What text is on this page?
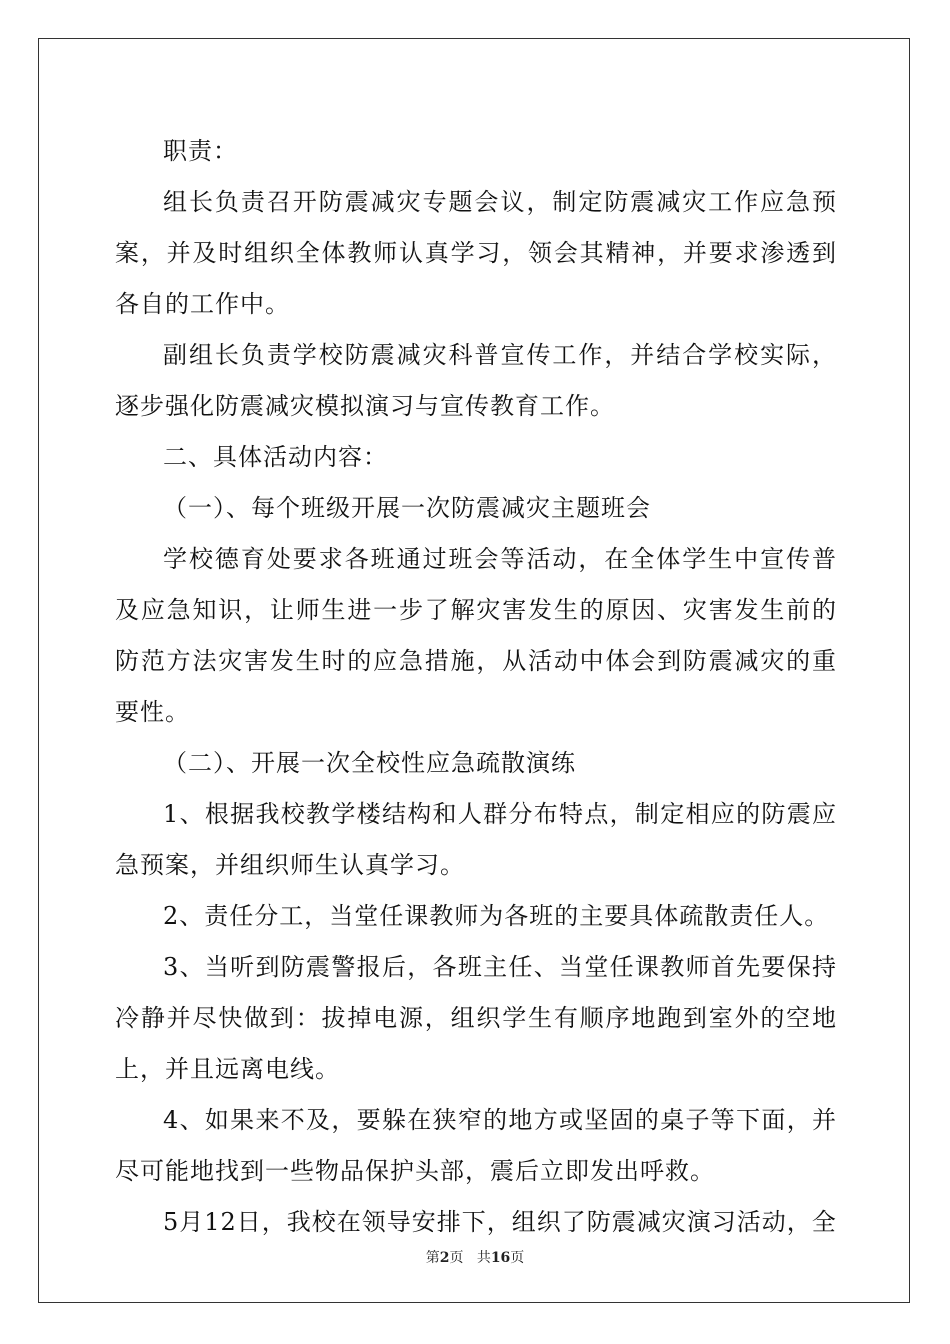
职责：

组长负责召开防震减灾专题会议，制定防震减灾工作应急预案，并及时组织全体教师认真学习，领会其精神，并要求渗透到各自的工作中。

副组长负责学校防震减灾科普宣传工作，并结合学校实际，逐步强化防震减灾模拟演习与宣传教育工作。

二、具体活动内容：

（一）、每个班级开展一次防震减灾主题班会

学校德育处要求各班通过班会等活动，在全体学生中宣传普及应急知识，让师生进一步了解灾害发生的原因、灾害发生前的防范方法灾害发生时的应急措施，从活动中体会到防震减灾的重要性。

（二）、开展一次全校性应急疏散演练

1、根据我校教学楼结构和人群分布特点，制定相应的防震应急预案，并组织师生认真学习。

2、责任分工，当堂任课教师为各班的主要具体疏散责任人。

3、当听到防震警报后，各班主任、当堂任课教师首先要保持冷静并尽快做到：拔掉电源，组织学生有顺序地跑到室外的空地上，并且远离电线。

4、如果来不及，要躲在狭窄的地方或坚固的桌子等下面，并尽可能地找到一些物品保护头部，震后立即发出呼救。

5月12日，我校在领导安排下，组织了防震减灾演习活动，全

第2页 共16页
